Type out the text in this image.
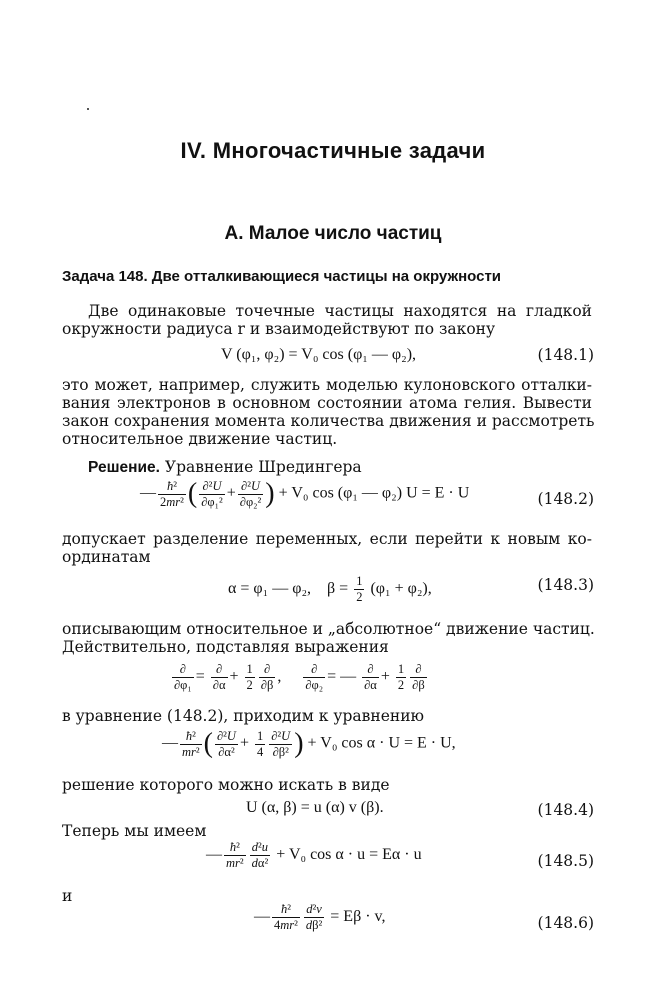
IV. Многочастичные задачи
А. Малое число частиц
Задача 148. Две отталкивающиеся частицы на окружности
Две одинаковые точечные частицы находятся на гладкой
окружности радиуса r и взаимодействуют по закону
V (φ₁, φ₂) = V₀ cos (φ₁ — φ₂),	(148.1)
это может, например, служить моделью кулоновского отталки-
вания электронов в основном состоянии атома гелия. Вывести
закон сохранения момента количества движения и рассмотреть
относительное движение частиц.
Решение. Уравнение Шредингера
— $\frac{\text{ħ²}}{\text{2mr²}}$ ( $\frac{\text{∂²U}}{\text{∂φ₁²}} + \frac{\text{∂²U}}{\text{∂φ₂²}}$ ) + V₀ cos (φ₁ — φ₂) U = E · U	(148.2)
допускает разделение переменных, если перейти к новым ко-
ординатам
α = φ₁ — φ₂, $\beta = \frac{1}{2} (\varphi_1 + \varphi_2)$,	(148.3)
описывающим относительное и „абсолютное“ движение частиц.
Действительно, подставляя выражения
$\frac{\partial}{\text{∂φ₁}} = \frac{\partial}{\partial\alpha} + \frac{1}{2} \frac{\partial}{\partial\beta}$ , $\frac{\partial}{\text{∂φ₂}}$ = — $\frac{\partial}{\partial\alpha} + \frac{1}{2} \frac{\partial}{\partial\beta}$
в уравнение (148.2), приходим к уравнению
— $\frac{\text{ħ²}}{\text{mr²}}$ ( $\frac{\text{∂²U}}{\text{∂α²}} + \frac{1}{4} \frac{\text{∂²U}}{\text{∂β²}}$ ) + V₀ cos α · U = E · U,
решение которого можно искать в виде
U (α, β) = u (α) v (β).	(148.4)
Теперь мы имеем
— $\frac{\text{ħ²}}{\text{mr²}} \frac{\text{d²u}}{\text{dα²}} + V_0$ cos α · u = Eα · u	(148.5)
и
— $\frac{\text{ħ²}}{\text{4mr²}} \frac{\text{d²v}}{\text{dβ²}} = E\beta \cdot v$,	(148.6)
